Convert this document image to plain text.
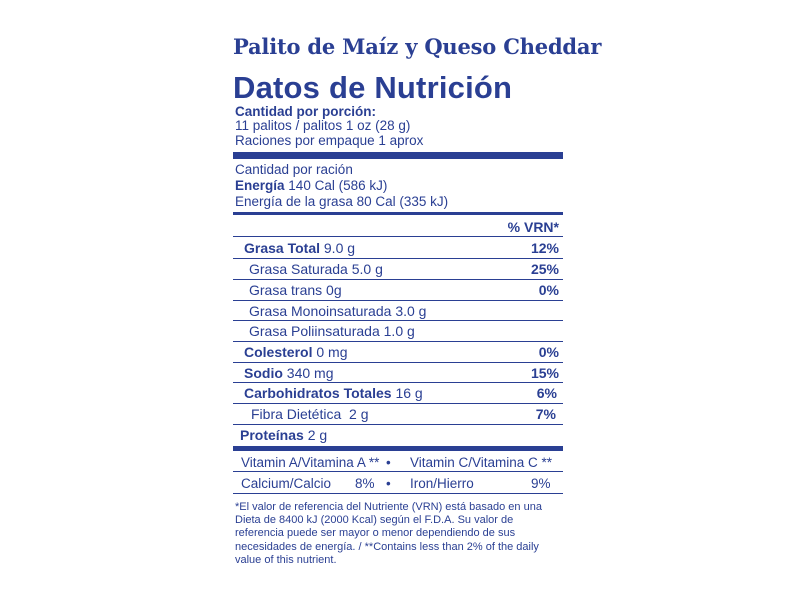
Palito de Maíz y Queso Cheddar
Datos de Nutrición
Cantidad por porción:
11 palitos / palitos 1 oz (28 g)
Raciones por empaque 1 aprox
Cantidad por ración
Energía 140 Cal (586 kJ)
Energía de la grasa 80 Cal (335 kJ)
% VRN*
Grasa Total 9.0 g	12%
Grasa Saturada 5.0 g	25%
Grasa trans 0g	0%
Grasa Monoinsaturada 3.0 g
Grasa Poliinsaturada 1.0 g
Colesterol 0 mg	0%
Sodio 340 mg	15%
Carbohidratos Totales 16 g	6%
Fibra Dietética 2 g	7%
Proteínas 2 g
Vitamin A/Vitamina A ** • Vitamin C/Vitamina C **
Calcium/Calcio 8% • Iron/Hierro	9%
*El valor de referencia del Nutriente (VRN) está basado en una Dieta de 8400 kJ (2000 Kcal) según el F.D.A. Su valor de referencia puede ser mayor o menor dependiendo de sus necesidades de energía. / **Contains less than 2% of the daily value of this nutrient.
